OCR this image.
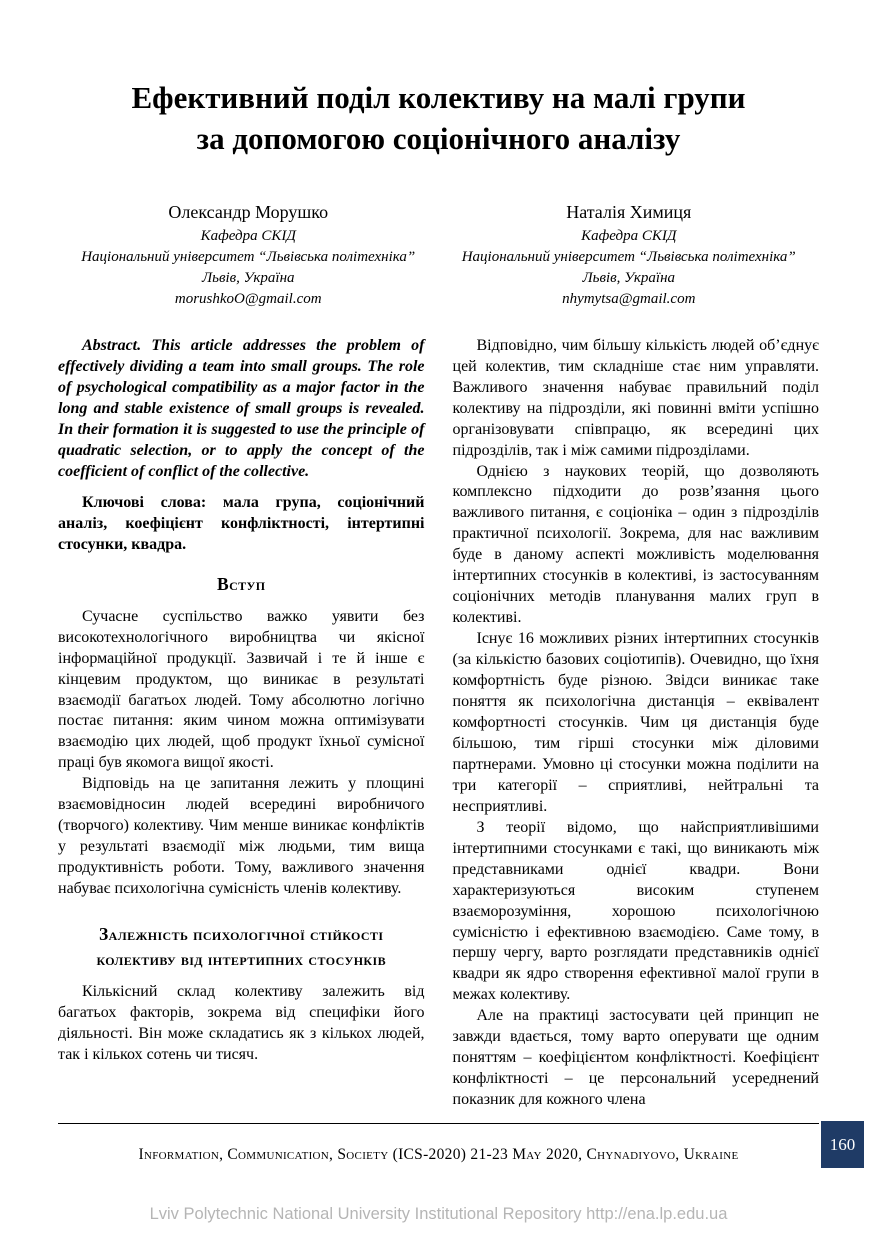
Ефективний поділ колективу на малі групи
за допомогою соціонічного аналізу
Олександр Морушко
Кафедра СКІД
Національний університет “Львівська політехніка”
Львів, Україна
morushkoO@gmail.com
Наталія Химиця
Кафедра СКІД
Національний університет “Львівська політехніка”
Львів, Україна
nhymytsa@gmail.com

Abstract. This article addresses the problem of effectively dividing a team into small groups. The role of psychological compatibility as a major factor in the long and stable existence of small groups is revealed. In their formation it is suggested to use the principle of quadratic selection, or to apply the concept of the coefficient of conflict of the collective.

Ключові слова: мала група, соціонічний аналіз, коефіцієнт конфліктності, інтертипні стосунки, квадра.

Вступ

Сучасне суспільство важко уявити без високотехнологічного виробництва чи якісної інформаційної продукції. Зазвичай і те й інше є кінцевим продуктом, що виникає в результаті взаємодії багатьох людей. Тому абсолютно логічно постає питання: яким чином можна оптимізувати взаємодію цих людей, щоб продукт їхньої сумісної праці був якомога вищої якості.

Відповідь на це запитання лежить у площині взаємовідносин людей всередині виробничого (творчого) колективу. Чим менше виникає конфліктів у результаті взаємодії між людьми, тим вища продуктивність роботи. Тому, важливого значення набуває психологічна сумісність членів колективу.

Залежність психологічної стійкості колективу від інтертипних стосунків

Кількісний склад колективу залежить від багатьох факторів, зокрема від специфіки його діяльності. Він може складатись як з кількох людей, так і кількох сотень чи тисяч.

Відповідно, чим більшу кількість людей об’єднує цей колектив, тим складніше стає ним управляти. Важливого значення набуває правильний поділ колективу на підрозділи, які повинні вміти успішно організовувати співпрацю, як всередині цих підрозділів, так і між самими підрозділами.

Однією з наукових теорій, що дозволяють комплексно підходити до розв’язання цього важливого питання, є соціоніка – один з підрозділів практичної психології. Зокрема, для нас важливим буде в даному аспекті можливість моделювання інтертипних стосунків в колективі, із застосуванням соціонічних методів планування малих груп в колективі.

Існує 16 можливих різних інтертипних стосунків (за кількістю базових соціотипів). Очевидно, що їхня комфортність буде різною. Звідси виникає таке поняття як психологічна дистанція – еквівалент комфортності стосунків. Чим ця дистанція буде більшою, тим гірші стосунки між діловими партнерами. Умовно ці стосунки можна поділити на три категорії – сприятливі, нейтральні та несприятливі.

З теорії відомо, що найсприятливішими інтертипними стосунками є такі, що виникають між представниками однієї квадри. Вони характеризуються високим ступенем взаєморозуміння, хорошою психологічною сумісністю і ефективною взаємодією. Саме тому, в першу чергу, варто розглядати представників однієї квадри як ядро створення ефективної малої групи в межах колективу.

Але на практиці застосувати цей принцип не завжди вдається, тому варто оперувати ще одним поняттям – коефіцієнтом конфліктності. Коефіцієнт конфліктності – це персональний усереднений показник для кожного члена

Information, Communication, Society (ICS-2020) 21-23 May 2020, Chynadiyovo, Ukraine
160
Lviv Polytechnic National University Institutional Repository http://ena.lp.edu.ua
